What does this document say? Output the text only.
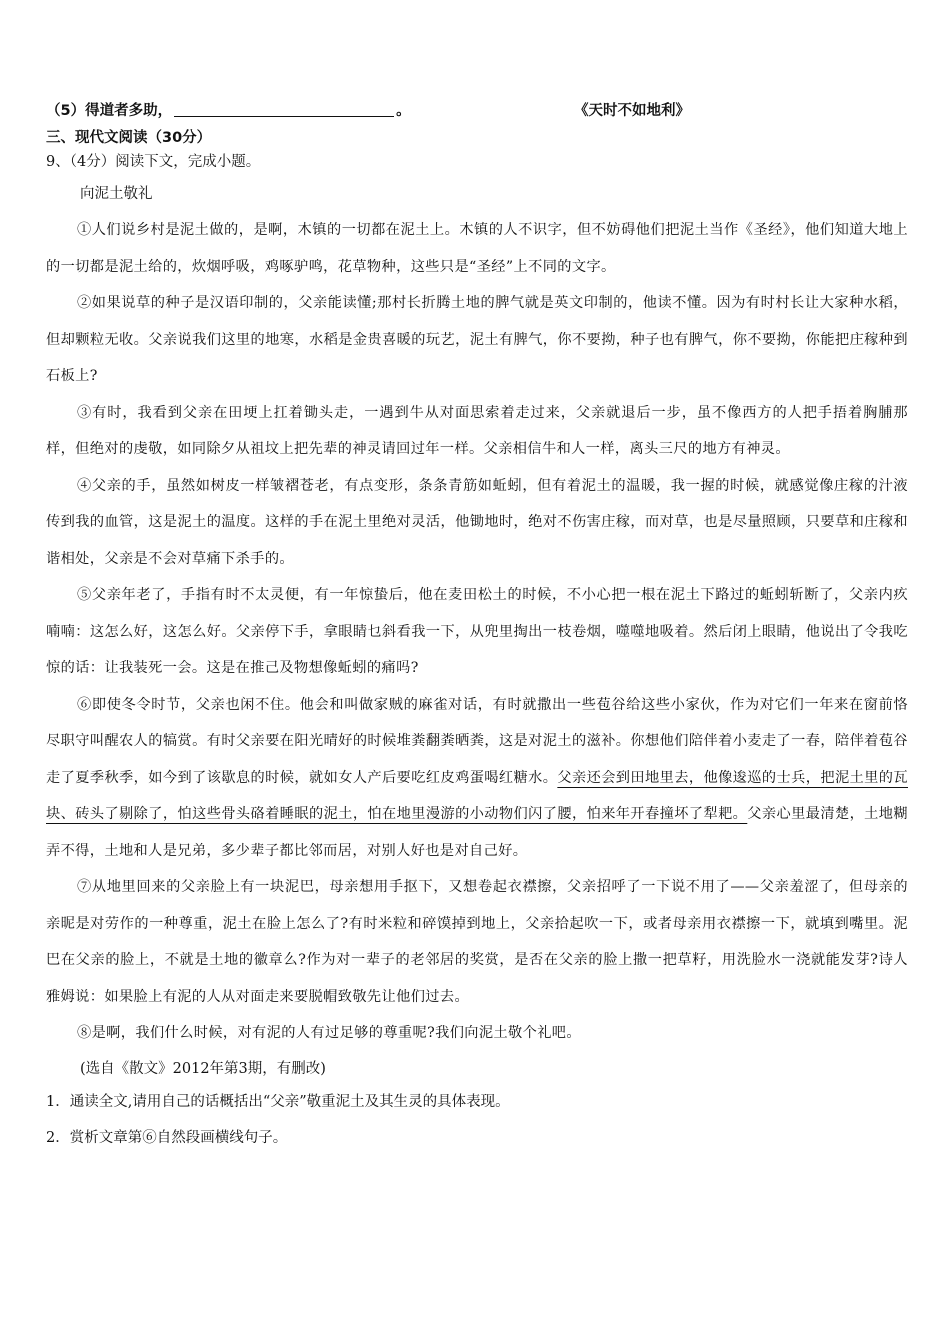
（5）得道者多助，	。	《天时不如地利》
三、现代文阅读（30分）
9、（4分）阅读下文，完成小题。
向泥土敬礼

①人们说乡村是泥土做的，是啊，木镇的一切都在泥土上。木镇的人不识字，但不妨碍他们把泥土当作《圣经》，他们知道大地上的一切都是泥土给的，炊烟呼吸，鸡啄驴鸣，花草物种，这些只是“圣经”上不同的文字。

②如果说草的种子是汉语印制的，父亲能读懂;那村长折腾土地的脾气就是英文印制的，他读不懂。因为有时村长让大家种水稻，但却颗粒无收。父亲说我们这里的地寒，水稻是金贵喜暖的玩艺，泥土有脾气，你不要拗，种子也有脾气，你不要拗，你能把庄稼种到石板上?

③有时，我看到父亲在田埂上扛着锄头走，一遇到牛从对面思索着走过来，父亲就退后一步，虽不像西方的人把手捂着胸脯那样，但绝对的虔敬，如同除夕从祖坟上把先辈的神灵请回过年一样。父亲相信牛和人一样，离头三尺的地方有神灵。

④父亲的手，虽然如树皮一样皱褶苍老，有点变形，条条青筋如蚯蚓，但有着泥土的温暖，我一握的时候，就感觉像庄稼的汁液传到我的血管，这是泥土的温度。这样的手在泥土里绝对灵活，他锄地时，绝对不伤害庄稼，而对草，也是尽量照顾，只要草和庄稼和谐相处，父亲是不会对草痛下杀手的。

⑤父亲年老了，手指有时不太灵便，有一年惊蛰后，他在麦田松土的时候，不小心把一根在泥土下路过的蚯蚓斩断了，父亲内疚喃喃：这怎么好，这怎么好。父亲停下手，拿眼睛乜斜看我一下，从兜里掏出一枝卷烟，噬噬地吸着。然后闭上眼睛，他说出了令我吃惊的话：让我装死一会。这是在推己及物想像蚯蚓的痛吗?

⑥即使冬令时节，父亲也闲不住。他会和叫做家贼的麻雀对话，有时就撒出一些苞谷给这些小家伙，作为对它们一年来在窗前恪尽职守叫醒农人的犒赏。有时父亲要在阳光晴好的时候堆粪翻粪晒粪，这是对泥土的滋补。你想他们陪伴着小麦走了一春，陪伴着苞谷走了夏季秋季，如今到了该歇息的时候，就如女人产后要吃红皮鸡蛋喝红糖水。父亲还会到田地里去，他像逡巡的士兵，把泥土里的瓦块、砖头了剔除了，怕这些骨头硌着睡眠的泥土，怕在地里漫游的小动物们闪了腰，怕来年开春撞坏了犁耙。父亲心里最清楚，土地糊弄不得，土地和人是兄弟，多少辈子都比邻而居，对别人好也是对自己好。

⑦从地里回来的父亲脸上有一块泥巴，母亲想用手抠下，又想卷起衣襟擦，父亲招呼了一下说不用了——父亲羞涩了，但母亲的亲昵是对劳作的一种尊重，泥土在脸上怎么了?有时米粒和碎馍掉到地上，父亲拾起吹一下，或者母亲用衣襟擦一下，就填到嘴里。泥巴在父亲的脸上，不就是土地的徽章么?作为对一辈子的老邻居的奖赏，是否在父亲的脸上撒一把草籽，用洗脸水一浇就能发芽?诗人雅姆说：如果脸上有泥的人从对面走来要脱帽致敬先让他们过去。

⑧是啊，我们什么时候，对有泥的人有过足够的尊重呢?我们向泥土敬个礼吧。

(选自《散文》2012年第3期，有删改)
1．通读全文,请用自己的话概括出“父亲”敬重泥土及其生灵的具体表现。
2．赏析文章第⑥自然段画横线句子。
